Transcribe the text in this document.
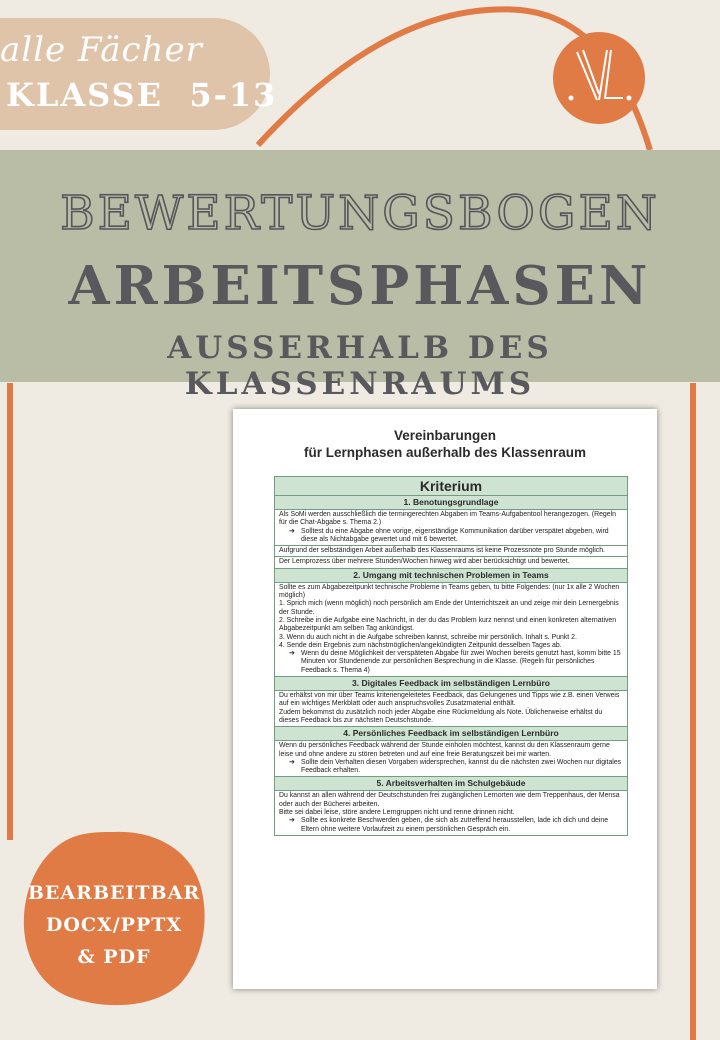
alle Fächer
KLASSE  5-13
BEWERTUNGSBOGEN
ARBEITSPHASEN
AUSSERHALB DES KLASSENRAUMS
Vereinbarungen
für Lernphasen außerhalb des Klassenraum
Kriterium
1. Benotungsgrundlage

Als SoMi werden ausschließlich die termingerechten Abgaben im Teams-Aufgabentool herangezogen. (Regeln für die Chat-Abgabe s. Thema 2.)

➔ Solltest du eine Abgabe ohne vorige, eigenständige Kommunikation darüber verspätet abgeben, wird diese als Nichtabgabe gewertet und mit 6 bewertet.

Aufgrund der selbständigen Arbeit außerhalb des Klassenraums ist keine Prozessnote pro Stunde möglich.

Der Lernprozess über mehrere Stunden/Wochen hinweg wird aber berücksichtigt und bewertet.

2. Umgang mit technischen Problemen in Teams

Sollte es zum Abgabezeitpunkt technische Probleme in Teams geben, tu bitte Folgendes: (nur 1x alle 2 Wochen möglich)

1. Sprich mich (wenn möglich) noch persönlich am Ende der Unterrichtszeit an und zeige mir dein Lernergebnis der Stunde.

2. Schreibe in die Aufgabe eine Nachricht, in der du das Problem kurz nennst und einen konkreten alternativen Abgabezeitpunkt am selben Tag ankündigst.

3. Wenn du auch nicht in die Aufgabe schreiben kannst, schreibe mir persönlich. Inhalt s. Punkt 2.

4. Sende dein Ergebnis zum nächstmöglichen/angekündigten Zeitpunkt desselben Tages ab.

➔ Wenn du deine Möglichkeit der verspäteten Abgabe für zwei Wochen bereits genutzt hast, komm bitte 15 Minuten vor Stundenende zur persönlichen Besprechung in die Klasse. (Regeln für persönliches Feedback s. Thema 4)

3. Digitales Feedback im selbständigen Lernbüro

Du erhältst von mir über Teams kriteriengeleitetes Feedback, das Gelungenes und Tipps wie z.B. einen Verweis auf ein wichtiges Merkblatt oder auch anspruchsvolles Zusatzmaterial enthält.

Zudem bekommst du zusätzlich noch jeder Abgabe eine Rückmeldung als Note. Üblicherweise erhältst du dieses Feedback bis zur nächsten Deutschstunde.

4. Persönliches Feedback im selbständigen Lernbüro

Wenn du persönliches Feedback während der Stunde einholen möchtest, kannst du den Klassenraum gerne leise und ohne andere zu stören betreten und auf eine freie Beratungszeit bei mir warten.

➔ Sollte dein Verhalten diesen Vorgaben widersprechen, kannst du die nächsten zwei Wochen nur digitales Feedback erhalten.

5. Arbeitsverhalten im Schulgebäude

Du kannst an allen während der Deutschstunden frei zugänglichen Lernorten wie dem Treppenhaus, der Mensa oder auch der Bücherei arbeiten.

Bitte sei dabei leise, störe andere Lerngruppen nicht und renne drinnen nicht.

➔ Sollte es konkrete Beschwerden geben, die sich als zutreffend herausstellen, lade ich dich und deine Eltern ohne weitere Vorlaufzeit zu einem persönlichen Gespräch ein.

BEARBEITBAR
DOCX/PPTX
& PDF
